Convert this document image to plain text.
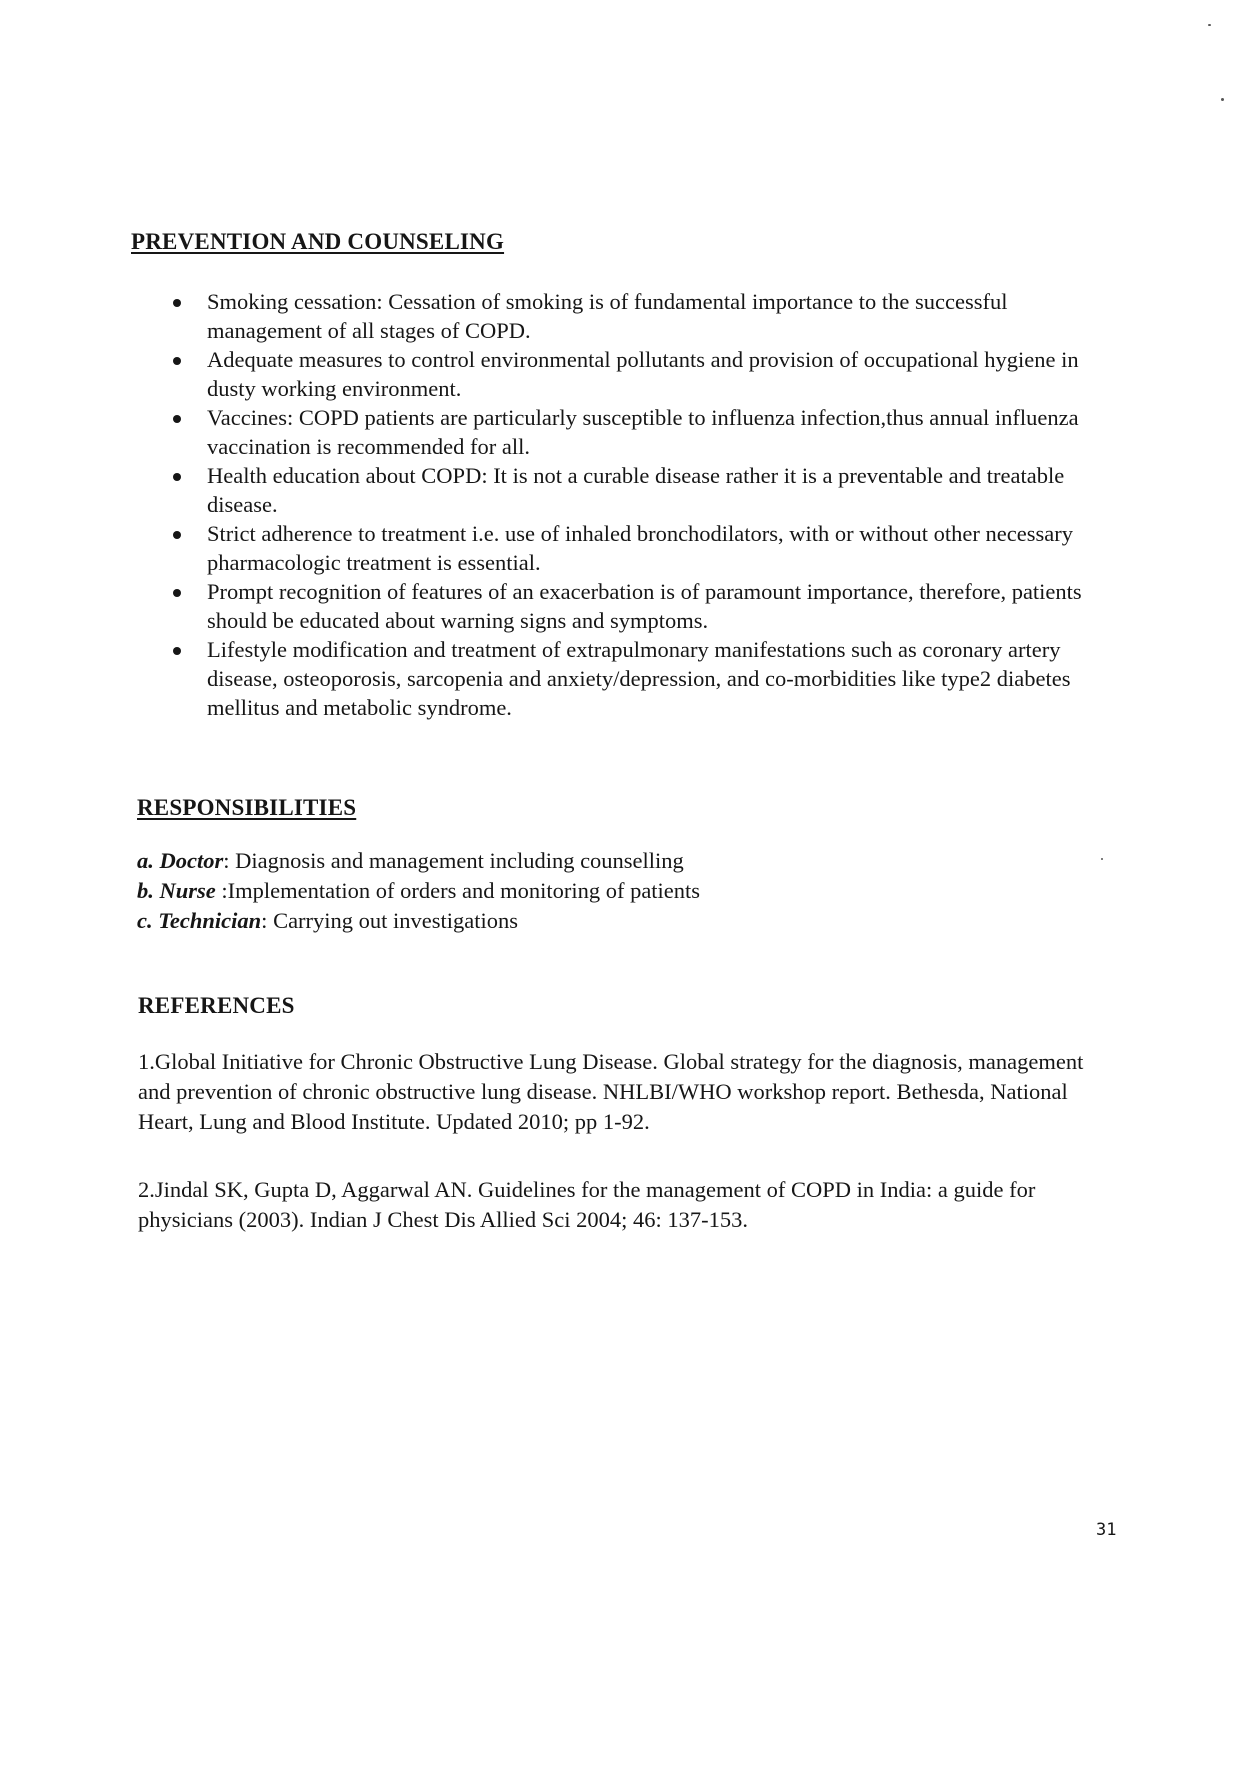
PREVENTION AND COUNSELING
Smoking cessation: Cessation of smoking is of fundamental importance to the successful management of all stages of COPD.
Adequate measures to control environmental pollutants and provision of occupational hygiene in dusty working environment.
Vaccines: COPD patients are particularly susceptible to influenza infection,thus annual influenza vaccination is recommended for all.
Health education about COPD: It is not a curable disease rather it is a preventable and treatable disease.
Strict adherence to treatment i.e. use of inhaled bronchodilators, with or without other necessary pharmacologic treatment is essential.
Prompt recognition of features of an exacerbation is of paramount importance, therefore, patients should be educated about warning signs and symptoms.
Lifestyle modification and treatment of extrapulmonary manifestations such as coronary artery disease, osteoporosis, sarcopenia and anxiety/depression, and co-morbidities like type2 diabetes mellitus and metabolic syndrome.
RESPONSIBILITIES
a. Doctor: Diagnosis and management including counselling
b. Nurse :Implementation of orders and monitoring of patients
c. Technician: Carrying out investigations
REFERENCES

1.Global Initiative for Chronic Obstructive Lung Disease. Global strategy for the diagnosis, management and prevention of chronic obstructive lung disease. NHLBI/WHO workshop report. Bethesda, National Heart, Lung and Blood Institute. Updated 2010; pp 1-92.

2.Jindal SK, Gupta D, Aggarwal AN. Guidelines for the management of COPD in India: a guide for physicians (2003). Indian J Chest Dis Allied Sci 2004; 46: 137-153.

31
